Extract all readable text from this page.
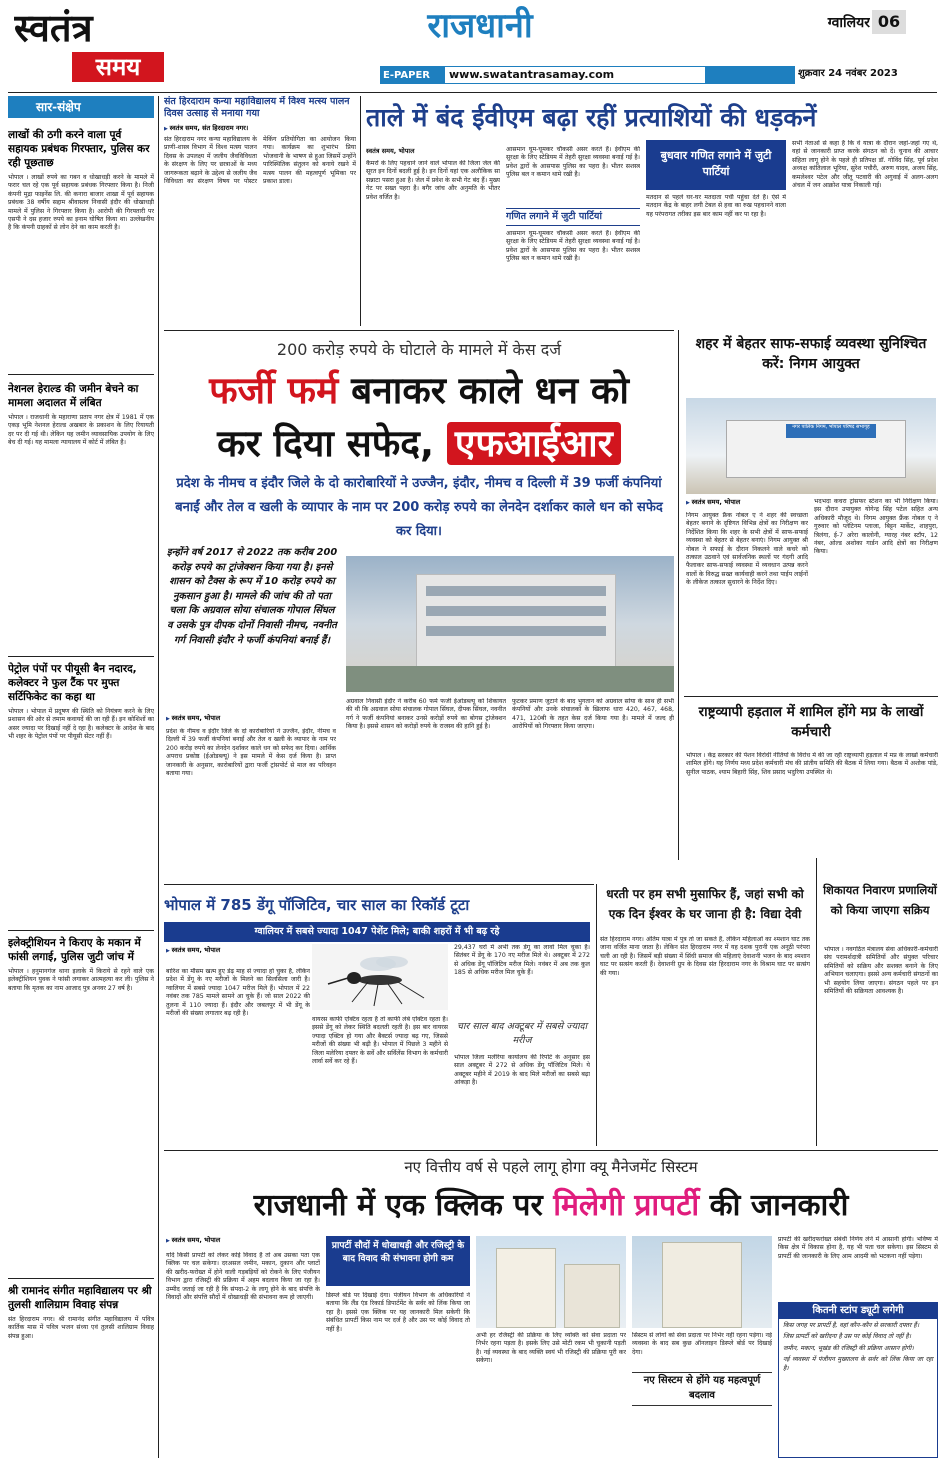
स्वतंत्र
समय
राजधानी
E-PAPER	www.swatantrasamay.com
ग्वालियर 06
शुक्रवार 24 नवंबर 2023
सार-संक्षेप
लाखों की ठगी करने वाला पूर्व सहायक प्रबंधक गिरफ्तार, पुलिस कर रही पूछताछ
भोपाल । लाखों रुपये का गबन व धोखाधड़ी करने के मामले में फरार चल रहे एक पूर्व सहायक प्रबंधक गिरफ्तार किया है। निजी कंपनी मुद्रा फाइनेंस लि. की कनारा बाजार शाखा में पूर्व सहायक प्रबंधक 38 वर्षीय सद्दाम श्रीवास्तव निवासी इंदौर की धोखाधड़ी मामले में पुलिस ने गिरफ्तार किया है। आरोपी की गिरफ्तारी पर एसपी ने दस हजार रुपये का इनाम घोषित किया था। उल्लेखनीय है कि कंपनी ग्राहकों से लोन देने का काम करती है।
नेशनल हेराल्ड की जमीन बेचने का मामला अदालत में लंबित
भोपाल । राजधानी के महाराणा प्रताप नगर क्षेत्र में 1981 में एक एकड़ भूमि नेशनल हेराल्ड अखबार के प्रकाशन के लिए रियायती दर पर दी गई थी। लेकिन यह जमीन व्यावसायिक उपयोग के लिए बेच दी गई। यह मामला न्यायालय में कोर्ट में लंबित है।
पेट्रोल पंपों पर पीयूसी बैन नदारद, कलेक्टर ने फुल टैंक पर मुफ्त सर्टिफिकेट का कहा था
भोपाल । भोपाल में प्रदूषण की स्थिति को नियंत्रण करने के लिए प्रशासन की ओर से तमाम कवायदें की जा रही हैं। इन कोशिशों का असर ज्यादा पर दिखाई नहीं दे रहा है। कलेक्टर के आदेश के बाद भी शहर के पेट्रोल पंपों पर पीयूसी सेंटर नहीं हैं।
इलेक्ट्रीशियन ने किराए के मकान में फांसी लगाई, पुलिस जुटी जांच में
भोपाल । हनुमानगंज थाना इलाके में किराये से रहने वाले एक इलेक्ट्रीशियन युवक ने फांसी लगाकर आत्महत्या कर ली। पुलिस ने बताया कि मृतक का नाम आजाद पुत्र अनवर 27 वर्ष है।
श्री रामानंद संगीत महाविद्यालय पर श्री तुलसी शालिग्राम विवाह संपन्न
संत हिरदाराम नगर। श्री रामानंद संगीत महाविद्यालय में पवित्र कार्तिक मास में पवित्र भजन संध्या एवं तुलसी शालिग्राम विवाह संपन्न हुआ।
संत हिरदाराम कन्या महाविद्यालय में विश्व मत्स्य पालन दिवस उत्साह से मनाया गया
▶ स्वतंत्र समय, संत हिरदाराम नगर।
संत हिरदाराम नगर कन्या महाविद्यालय के प्राणी-शास्त्र विभाग में विश्व मत्स्य पालन दिवस के उपलक्ष्य में जलीय जैवविविधता के संरक्षण के लिए पर छात्राओं के मध्य जागरूकता बढ़ाने के उद्देश्य से जलीय जैव विविधता का संरक्षण विषय पर पोस्टर मेकिंग प्रतियोगिता का आयोजन किया गया। कार्यक्रम का शुभारंभ प्रिया भोजवानी के भाषण से हुआ जिसमें उन्होंने पारिस्थितिक संतुलन को बनाये रखने में मत्स्य पालन की महत्वपूर्ण भूमिका पर प्रकाश डाला।
ताले में बंद ईवीएम बढ़ा रहीं प्रत्याशियों की धड़कनें
स्वतंत्र समय, भोपाल
कैमरों के लिए पहचाने जाने वाले भोपाल की जिला जेल की सूरत इन दिनों बदली हुई है। इन दिनों यहां एक अलौकिक सा सन्नाटा पसरा हुआ है। जेल में प्रवेश के सभी गेट बंद हैं। मुख्य गेट पर सख्त पहरा है। बगैर जांच और अनुमति के भीतर प्रवेश वर्जित है।
आसमान घूम-घूमकर चौकसी असर करते हैं। ईवीएम की सुरक्षा के लिए स्टेडियम में तेहरी सुरक्षा व्यवस्था बनाई गई है। प्रवेश द्वारों के आसपास पुलिस का पहरा है। भीतर सशस्त्र पुलिस बल न कमान थामे रखी है।
गणित लगाने में जुटी पार्टियां
आसमान घूम-घूमकर चौकसी असर करते हैं। ईवीएम की सुरक्षा के लिए स्टेडियम में तेहरी सुरक्षा व्यवस्था बनाई गई है। प्रवेश द्वारों के आसपास पुलिस का पहरा है। भीतर सशस्त्र पुलिस बल न कमान थामे रखी है।
बुधवार गणित लगाने में जुटी पार्टियां
मतदान से पहले घर-घर मतदाता पर्ची पहुंचा देते हैं। ऐसे में मतदान केंद्र के बाहर लगी टेबल से हवा का रुख पहचानने वाला यह परंपरागत तरीका इस बार काम नहीं कर पा रहा है।
सभी नेताओं से कहा है कि वे यात्रा के दौरान जहां-जहां गए थे, वहां से जानकारी प्राप्त करके संगठन को दें। चुनाव की आचार संहिता लागू होने के पहले ही प्रतिपक्ष डॉ. गोविंद सिंह, पूर्व प्रदेश अध्यक्ष कांतिलाल भूरिया, सुरेश पचौरी, अरुण यादव, अजय सिंह, कमलेश्वर पटेल और जीतू पटवारी की अगुवाई में अलग-अलग अंचल में जन आक्रोश यात्रा निकाली गई।
200 करोड़ रुपये के घोटाले के मामले में केस दर्ज
फर्जी फर्म बनाकर काले धन को
कर दिया सफेद, एफआईआर
प्रदेश के नीमच व इंदौर जिले के दो कारोबारियों ने उज्जैन, इंदौर, नीमच व दिल्ली में 39 फर्जी कंपनियां बनाईं और तेल व खली के व्यापार के नाम पर 200 करोड़ रुपये का लेनदेन दर्शाकर काले धन को सफेद कर दिया।
इन्होंने वर्ष 2017 से 2022 तक करीब 200 करोड़ रुपये का ट्रांजेक्शन किया गया है। इनसे शासन को टैक्स के रूप में 10 करोड़ रुपये का नुकसान हुआ है। मामले की जांच की तो पता चला कि अग्रवाल सोया संचालक गोपाल सिंघल व उसके पुत्र दीपक दोनों निवासी नीमच, नवनीत गर्ग निवासी इंदौर ने फर्जी कंपनियां बनाई हैं।
▶ स्वतंत्र समय, भोपाल
प्रदेश के नीमच व इंदौर जिले के दो कारोबारियों ने उज्जैन, इंदौर, नीमच व दिल्ली में 39 फर्जी कंपनियां बनाईं और तेल व खली के व्यापार के नाम पर 200 करोड़ रुपये का लेनदेन दर्शाकर काले धन को सफेद कर दिया। आर्थिक अपराध प्रकोष्ठ (ईओडब्ल्यू) ने इस मामले में केस दर्ज किया है। प्राप्त जानकारी के अनुसार, कारोबारियों द्वारा फर्जी ट्रांसपोर्ट से माल का परिवहन बताया गया।
अग्रवाल निवासी इंदौर ने करीब 60 फर्म फर्जी ईओडब्ल्यू को शिकायत की थी कि अग्रवाल सोया संचालक गोपाल सिंघल, दीपक सिंघल, नवनीत गर्ग ने फर्जी कंपनियां बनाकर उनसे करोड़ों रुपये का बोगस ट्रांजेक्शन किया है। इससे शासन को करोड़ों रुपये के राजस्व की हानि हुई है।
फुटकर प्रमाण जुटाने के बाद भुगतान को अग्रवाल सोया के साथ ही सभी कंपनियों और उनके संचालकों के खिलाफ धारा 420, 467, 468, 471, 120बी के तहत केस दर्ज किया गया है। मामले में जल्द ही आरोपियों को गिरफ्तार किया जाएगा।
शहर में बेहतर साफ-सफाई व्यवस्था सुनिश्चित करें: निगम आयुक्त
नगर पालिक निगम, भोपाल परिषद सभागृह
▶ स्वतंत्र समय, भोपाल
निगम आयुक्त फ्रैंक नोबल ए ने शहर की स्वच्छता बेहतर बनाने के दृष्टिगत विभिन्न क्षेत्रों का निरीक्षण कर निर्देशित किया कि शहर के सभी क्षेत्रों में साफ-सफाई व्यवस्था को बेहतर से बेहतर बनाएं। निगम आयुक्त श्री नोबल ने सफाई के दौरान निकलने वाले कचरे को तत्काल उठवाने एवं सार्वजनिक स्थलों पर गंदगी आदि फैलाकर साफ-सफाई व्यवस्था में व्यवधान उत्पन्न करने वालों के विरुद्ध सख्त कार्यवाही करने तथा पाईप लाईनों के लीकेज तत्काल सुधारने के निर्देश दिए।
भदभदा कचरा ट्रांसफर स्टेशन का भी निरीक्षण किया। इस दौरान उपायुक्त योगेन्द्र सिंह पटेल सहित अन्य अधिकारी मौजूद थे। निगम आयुक्त फ्रैंक नोबल ए ने गुरुवार को प्लेटिनम प्लाजा, बिट्टन मार्केट, शाहपुरा, त्रिलंगा, ई-7 अरेरा कालोनी, ग्यारह नंबर स्टॉप, 12 नंबर, ओल्ड अशोका गार्डन आदि क्षेत्रों का निरीक्षण किया।
राष्ट्रव्यापी हड़ताल में शामिल होंगे मप्र के लाखों कर्मचारी
भोपाल । केंद्र सरकार की पेंशन विरोधी नीतियों के विरोध में की जा रही राष्ट्रव्यापी हड़ताल में मप्र के लाखों कर्मचारी शामिल होंगे। यह निर्णय मध्य प्रदेश कर्मचारी मंच की प्रांतीय समिति की बैठक में लिया गया। बैठक में अशोक पांडे, सुनील पाठक, श्याम बिहारी सिंह, शिव प्रसाद भदुरिया उपस्थित थे।
भोपाल में 785 डेंगू पॉजिटिव, चार साल का रिकॉर्ड टूटा
ग्वालियर में सबसे ज्यादा 1047 पेशेंट मिले; बाकी शहरों में भी बढ़ रहे
▶ स्वतंत्र समय, भोपाल
बारिश का मौसम खत्म हुए डेढ़ माह से ज्यादा हो चुका है, लेकिन प्रदेश में डेंगू के नए मरीजों के मिलने का सिलसिला जारी है। ग्वालियर में सबसे ज्यादा 1047 मरीज मिले हैं। भोपाल में 22 नवंबर तक 785 मामले सामने आ चुके हैं। जो साल 2022 की तुलना में 110 ज्यादा हैं। इंदौर और जबलपुर में भी डेंगू के मरीजों की संख्या लगातार बढ़ रही है।
वायरस काफी एक्टिव रहता है तो काफी लंबे एक्टिव रहता है। इससे डेंगू को लेकर स्थिति बदलती रहती है। इस बार वायरस ज्यादा एक्टिव हो गया और बैक्टर्स ज्यादा बढ़ गए, जिससे मरीजों की संख्या भी बढ़ी है। भोपाल में पिछले 3 महीने से जिला मलेरिया दफ्तर के सर्वे और सर्विलेंस विभाग के कर्मचारी लार्वा सर्वे कर रहे हैं।
29,437 घरों में अभी तक डेंगू का लार्वा मिल चुका है। सितंबर में डेंगू के 170 नए मरीज मिले थे। अक्टूबर में 272 से अधिक डेंगू पॉजिटिव मरीज मिले। नवंबर में अब तक कुल 185 से अधिक मरीज मिल चुके हैं।
चार साल बाद अक्टूबर में सबसे ज्यादा मरीज
भोपाल जिला मलेरिया कार्यालय की रिपोर्ट के अनुसार इस साल अक्टूबर में 272 से अधिक डेंगू पॉजिटिव मिले। ये अक्टूबर महीने में 2019 के बाद मिले मरीजों का सबसे बढ़ा आंकड़ा है।
धरती पर हम सभी मुसाफिर हैं, जहां सभी को एक दिन ईश्वर के घर जाना ही है: विद्या देवी
संत हिरदाराम नगर। अंतिम यात्रा में पुत्र तो जा सकते हैं, लेकिन महिलाओं का श्मशान घाट तक जाना वर्जित माना जाता है। लेकिन संत हिरदाराम नगर में यह दशक पुरानी एक अनूठी परंपरा चली आ रही है। जिसमें बड़ी संख्या में सिंधी समाज की महिलाएं देवाशनी भजन के बाद श्मशान घाट पर सत्संग करती हैं। देवाशनी ग्रुप के दिवस संत हिरदाराम नगर के विश्राम घाट पर सत्संग की गया।
शिकायत निवारण प्रणालियों को किया जाएगा सक्रिय
भोपाल । नवगठित मंत्रालय सेवा अधिकारी-कर्मचारी संघ परामर्शदात्री समितियों और संयुक्त परिचार समितियों को सक्रिय और सशक्त बनाने के लिए अभियान चलाएगा। इससे अन्य कर्मचारी संगठनों का भी सहयोग लिया जाएगा। संगठन पहले पर इन समितियों की सक्रियता आवश्यक है।
नए वित्तीय वर्ष से पहले लागू होगा क्यू मैनेजमेंट सिस्टम
राजधानी में एक क्लिक पर मिलेगी प्रापर्टी की जानकारी
▶ स्वतंत्र समय, भोपाल
यदि किसी प्रापर्टी को लेकर कोई विवाद है तो अब उसका पता एक क्लिक पर चल सकेगा। दरअसल जमीन, मकान, दुकान और प्लाटों की खरीद-फरोख्त में होने वाली गड़बड़ियों को रोकने के लिए पंजीयन विभाग द्वारा रजिस्ट्री की प्रक्रिया में अहम बदलाव किया जा रहा है। उम्मीद जताई जा रही है कि संपदा-2 के लागू होने के बाद संपत्ति के विवादों और संपत्ति सौदों में धोखाधड़ी की संभावना कम हो जाएगी।
प्रापर्टी सौदों में धोखाधड़ी और रजिस्ट्री के बाद विवाद की संभावना होगी कम
डिस्प्ले बोर्ड पर दिखाई देगा। पंजीयन विभाग के अधिकारियों ने बताया कि लैंड एंड रिकार्ड डिपार्टमेंट के सर्वर को लिंक किया जा रहा है। इससे एक क्लिक पर यह जानकारी मिल सकेगी कि संबंधित प्रापर्टी किस नाम पर दर्ज है और उस पर कोई विवाद तो नहीं है।
अभी हर रजिस्ट्री की प्रक्रिया के लिए व्यक्ति को सेवा प्रदाता पर निर्भर रहना पड़ता है। इसके लिए उसे मोटी रकम भी चुकानी पड़ती है। नई व्यवस्था के बाद व्यक्ति स्वयं भी रजिस्ट्री की प्रक्रिया पूरी कर सकेगा।
सिस्टम से लोगों को सेवा प्रदाता पर निर्भर नहीं रहना पड़ेगा। नई व्यवस्था के बाद सब कुछ ऑनलाइन डिस्प्ले बोर्ड पर दिखाई देगा।
नए सिस्टम से होंगे यह महत्वपूर्ण बदलाव
प्रापर्टी की खरीदफरोख्त संबंधी निर्णय लेने में आसानी होगी। भविष्य में किस क्षेत्र में विकास होना है, यह भी पता चल सकेगा। इस सिस्टम से प्रापर्टी की जानकारी के लिए आम आदमी को भटकना नहीं पड़ेगा।
कितनी स्टांप ड्यूटी लगेगी
किस जगह पर प्रापर्टी है, वहां कौन-कौन से सरकारी दफ्तर हैं।
जिस प्रापर्टी को खरीदना है उस पर कोई विवाद तो नहीं है।
जमीन, मकान, भूखंड की रजिस्ट्री की प्रक्रिया आसान होगी।
नई व्यवस्था में पंजीयन मुख्यालय के सर्वर को लिंक किया जा रहा है।
